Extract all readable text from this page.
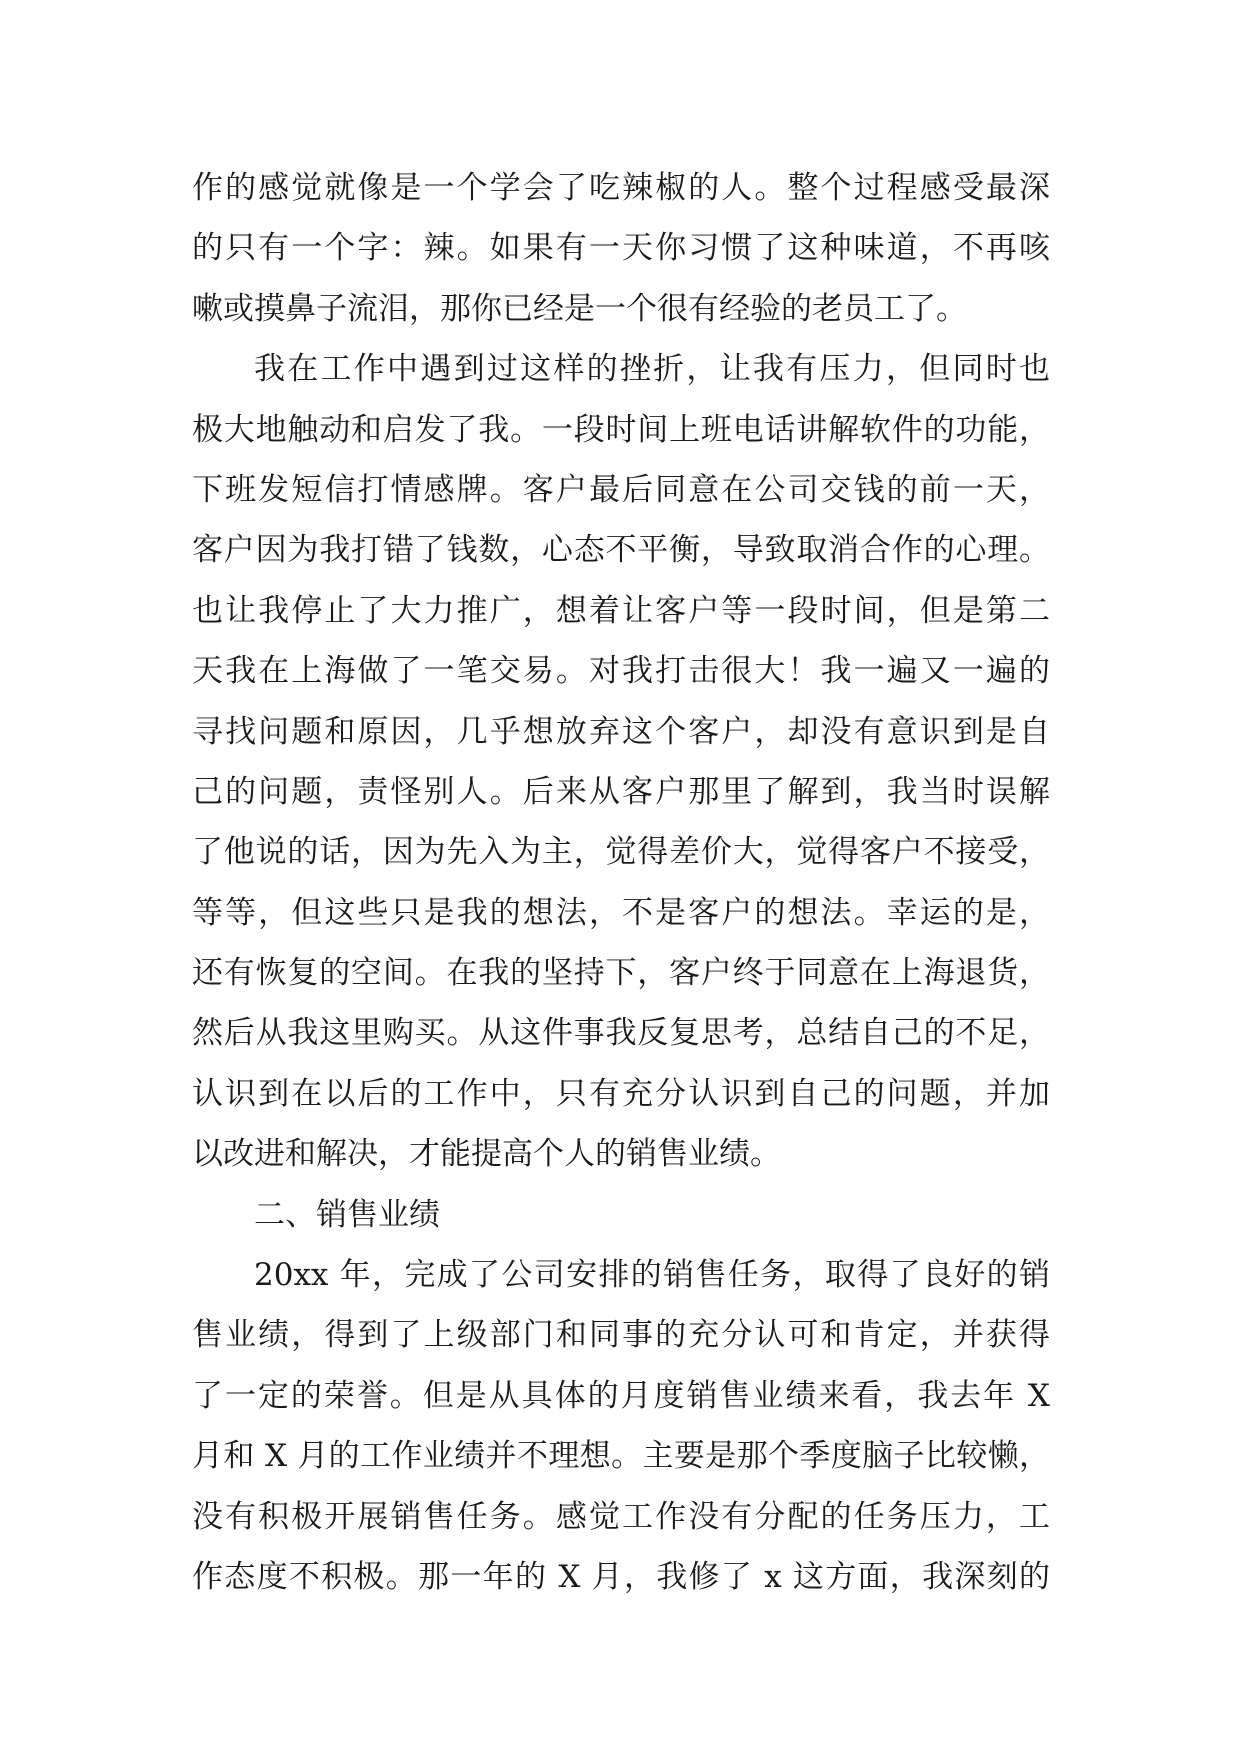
作的感觉就像是一个学会了吃辣椒的人。整个过程感受最深
的只有一个字：辣。如果有一天你习惯了这种味道，不再咳
嗽或摸鼻子流泪，那你已经是一个很有经验的老员工了。
我在工作中遇到过这样的挫折，让我有压力，但同时也
极大地触动和启发了我。一段时间上班电话讲解软件的功能，
下班发短信打情感牌。客户最后同意在公司交钱的前一天，
客户因为我打错了钱数，心态不平衡，导致取消合作的心理。
也让我停止了大力推广，想着让客户等一段时间，但是第二
天我在上海做了一笔交易。对我打击很大！我一遍又一遍的
寻找问题和原因，几乎想放弃这个客户，却没有意识到是自
己的问题，责怪别人。后来从客户那里了解到，我当时误解
了他说的话，因为先入为主，觉得差价大，觉得客户不接受，
等等，但这些只是我的想法，不是客户的想法。幸运的是，
还有恢复的空间。在我的坚持下，客户终于同意在上海退货，
然后从我这里购买。从这件事我反复思考，总结自己的不足，
认识到在以后的工作中，只有充分认识到自己的问题，并加
以改进和解决，才能提高个人的销售业绩。
二、销售业绩
20xx 年，完成了公司安排的销售任务，取得了良好的销
售业绩，得到了上级部门和同事的充分认可和肯定，并获得
了一定的荣誉。但是从具体的月度销售业绩来看，我去年 X
月和 X 月的工作业绩并不理想。主要是那个季度脑子比较懒，
没有积极开展销售任务。感觉工作没有分配的任务压力，工
作态度不积极。那一年的 X 月，我修了 x 这方面，我深刻的
